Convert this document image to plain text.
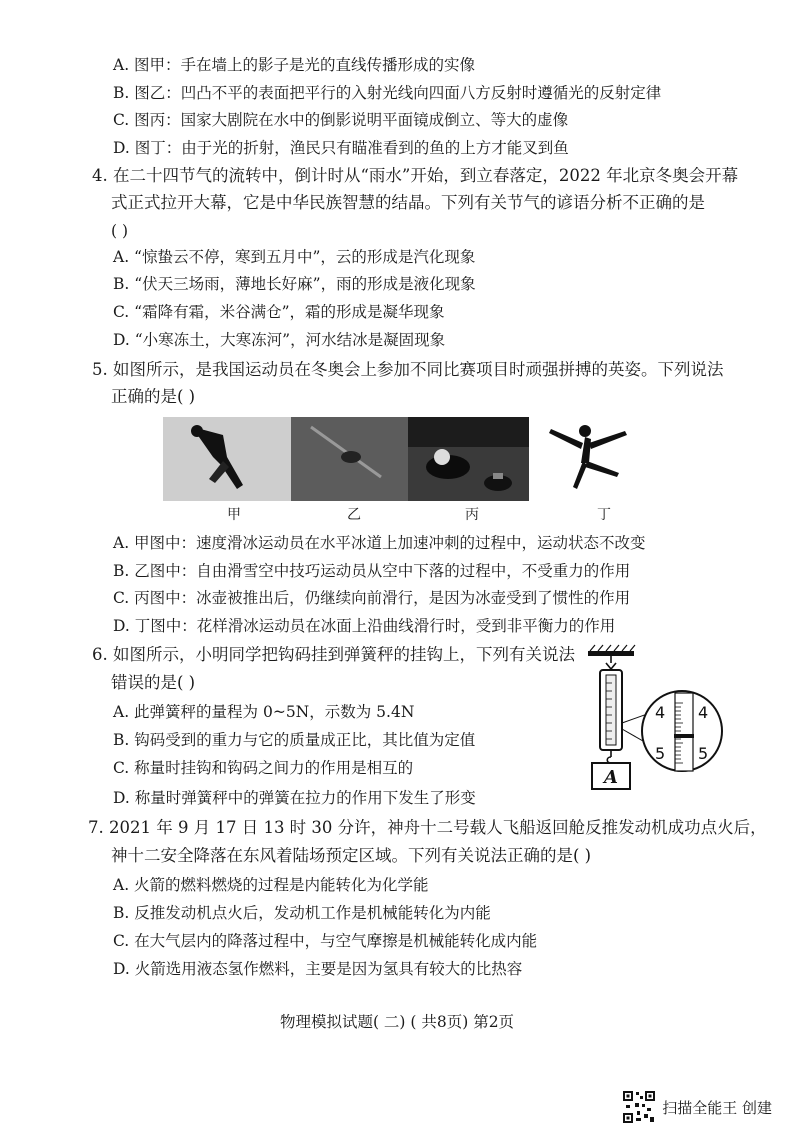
A. 图甲：手在墙上的影子是光的直线传播形成的实像
B. 图乙：凹凸不平的表面把平行的入射光线向四面八方反射时遵循光的反射定律
C. 图丙：国家大剧院在水中的倒影说明平面镜成倒立、等大的虚像
D. 图丁：由于光的折射，渔民只有瞄准看到的鱼的上方才能叉到鱼
4. 在二十四节气的流转中，倒计时从“雨水”开始，到立春落定，2022 年北京冬奥会开幕
式正式拉开大幕，它是中华民族智慧的结晶。下列有关节气的谚语分析不正确的是
( )
A. “惊蛰云不停，寒到五月中”，云的形成是汽化现象
B. “伏天三场雨，薄地长好麻”，雨的形成是液化现象
C. “霜降有霜，米谷满仓”，霜的形成是凝华现象
D. “小寒冻土，大寒冻河”，河水结冰是凝固现象
5. 如图所示，是我国运动员在冬奥会上参加不同比赛项目时顽强拼搏的英姿。下列说法
正确的是( )
甲	乙	丙	丁
A. 甲图中：速度滑冰运动员在水平冰道上加速冲刺的过程中，运动状态不改变
B. 乙图中：自由滑雪空中技巧运动员从空中下落的过程中，不受重力的作用
C. 丙图中：冰壶被推出后，仍继续向前滑行，是因为冰壶受到了惯性的作用
D. 丁图中：花样滑冰运动员在冰面上沿曲线滑行时，受到非平衡力的作用
6. 如图所示，小明同学把钩码挂到弹簧秤的挂钩上，下列有关说法
错误的是( )
A. 此弹簧秤的量程为 0~5N，示数为 5.4N
B. 钩码受到的重力与它的质量成正比，其比值为定值
C. 称量时挂钩和钩码之间力的作用是相互的
D. 称量时弹簧秤中的弹簧在拉力的作用下发生了形变
A
4 4
5 5
7. 2021 年 9 月 17 日 13 时 30 分许，神舟十二号载人飞船返回舱反推发动机成功点火后，
神十二安全降落在东风着陆场预定区域。下列有关说法正确的是( )
A. 火箭的燃料燃烧的过程是内能转化为化学能
B. 反推发动机点火后，发动机工作是机械能转化为内能
C. 在大气层内的降落过程中，与空气摩擦是机械能转化成内能
D. 火箭选用液态氢作燃料，主要是因为氢具有较大的比热容
物理模拟试题( 二) ( 共8页) 第2页
扫描全能王 创建
